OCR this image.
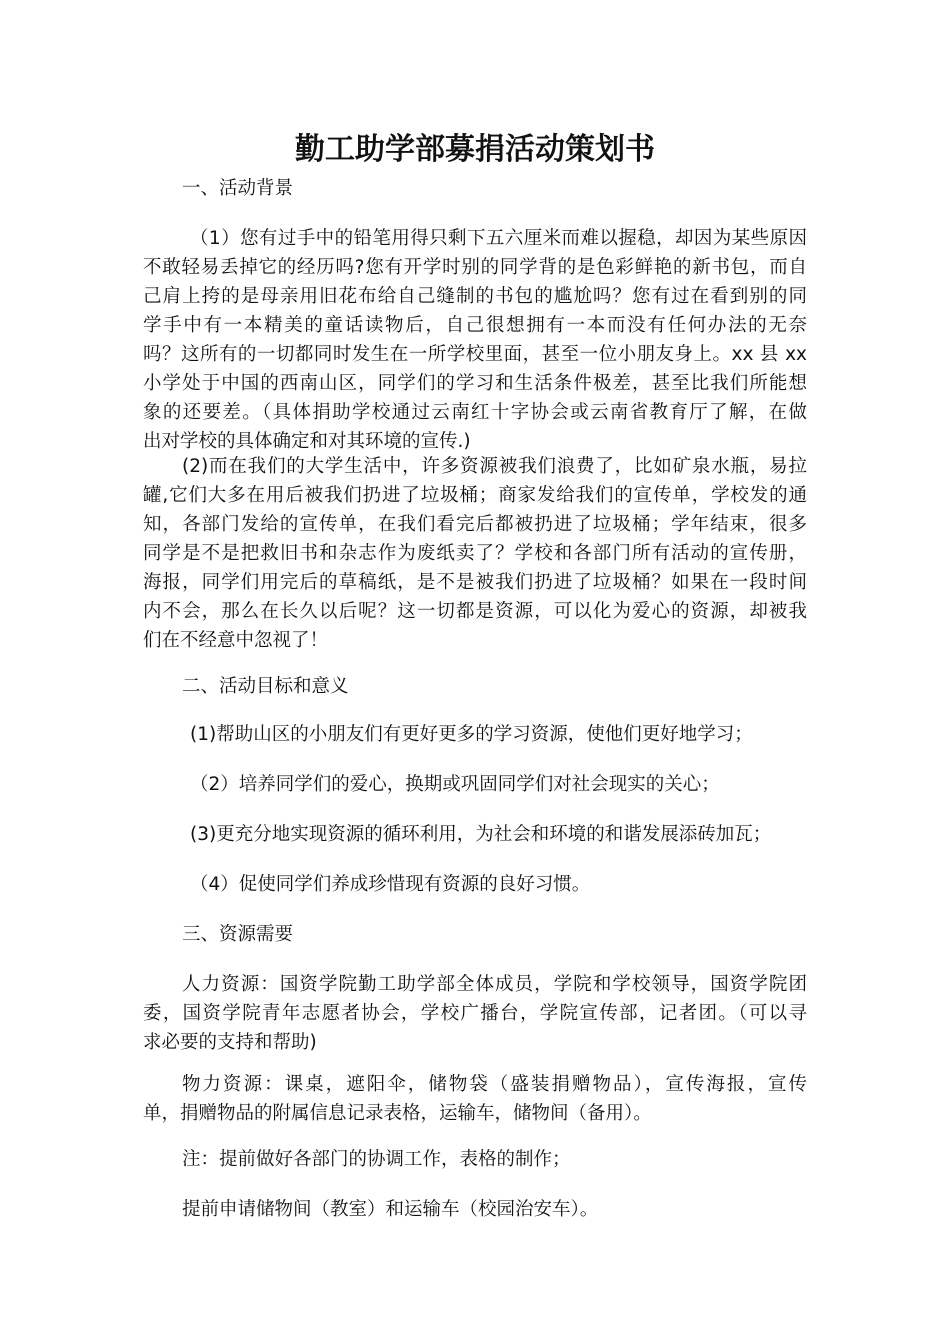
勤工助学部募捐活动策划书

一、活动背景

（1）您有过手中的铅笔用得只剩下五六厘米而难以握稳，却因为某些原因

不敢轻易丢掉它的经历吗?您有开学时别的同学背的是色彩鲜艳的新书包，而自

己肩上挎的是母亲用旧花布给自己缝制的书包的尴尬吗？您有过在看到别的同

学手中有一本精美的童话读物后，自己很想拥有一本而没有任何办法的无奈

吗？这所有的一切都同时发生在一所学校里面，甚至一位小朋友身上。xx 县 xx

小学处于中国的西南山区，同学们的学习和生活条件极差，甚至比我们所能想

象的还要差。（具体捐助学校通过云南红十字协会或云南省教育厅了解，在做

出对学校的具体确定和对其环境的宣传.)

(2)而在我们的大学生活中，许多资源被我们浪费了，比如矿泉水瓶，易拉

罐,它们大多在用后被我们扔进了垃圾桶；商家发给我们的宣传单，学校发的通

知，各部门发给的宣传单，在我们看完后都被扔进了垃圾桶；学年结束，很多

同学是不是把救旧书和杂志作为废纸卖了？学校和各部门所有活动的宣传册，

海报，同学们用完后的草稿纸，是不是被我们扔进了垃圾桶？如果在一段时间

内不会，那么在长久以后呢？这一切都是资源，可以化为爱心的资源，却被我

们在不经意中忽视了！

二、活动目标和意义

(1)帮助山区的小朋友们有更好更多的学习资源，使他们更好地学习；

（2）培养同学们的爱心，换期或巩固同学们对社会现实的关心；

(3)更充分地实现资源的循环利用，为社会和环境的和谐发展添砖加瓦；

（4）促使同学们养成珍惜现有资源的良好习惯。

三、资源需要

人力资源：国资学院勤工助学部全体成员，学院和学校领导，国资学院团

委，国资学院青年志愿者协会，学校广播台，学院宣传部，记者团。（可以寻

求必要的支持和帮助)

物力资源：课桌，遮阳伞，储物袋（盛装捐赠物品），宣传海报，宣传

单，捐赠物品的附属信息记录表格，运输车，储物间（备用）。

注：提前做好各部门的协调工作，表格的制作；

提前申请储物间（教室）和运输车（校园治安车）。
